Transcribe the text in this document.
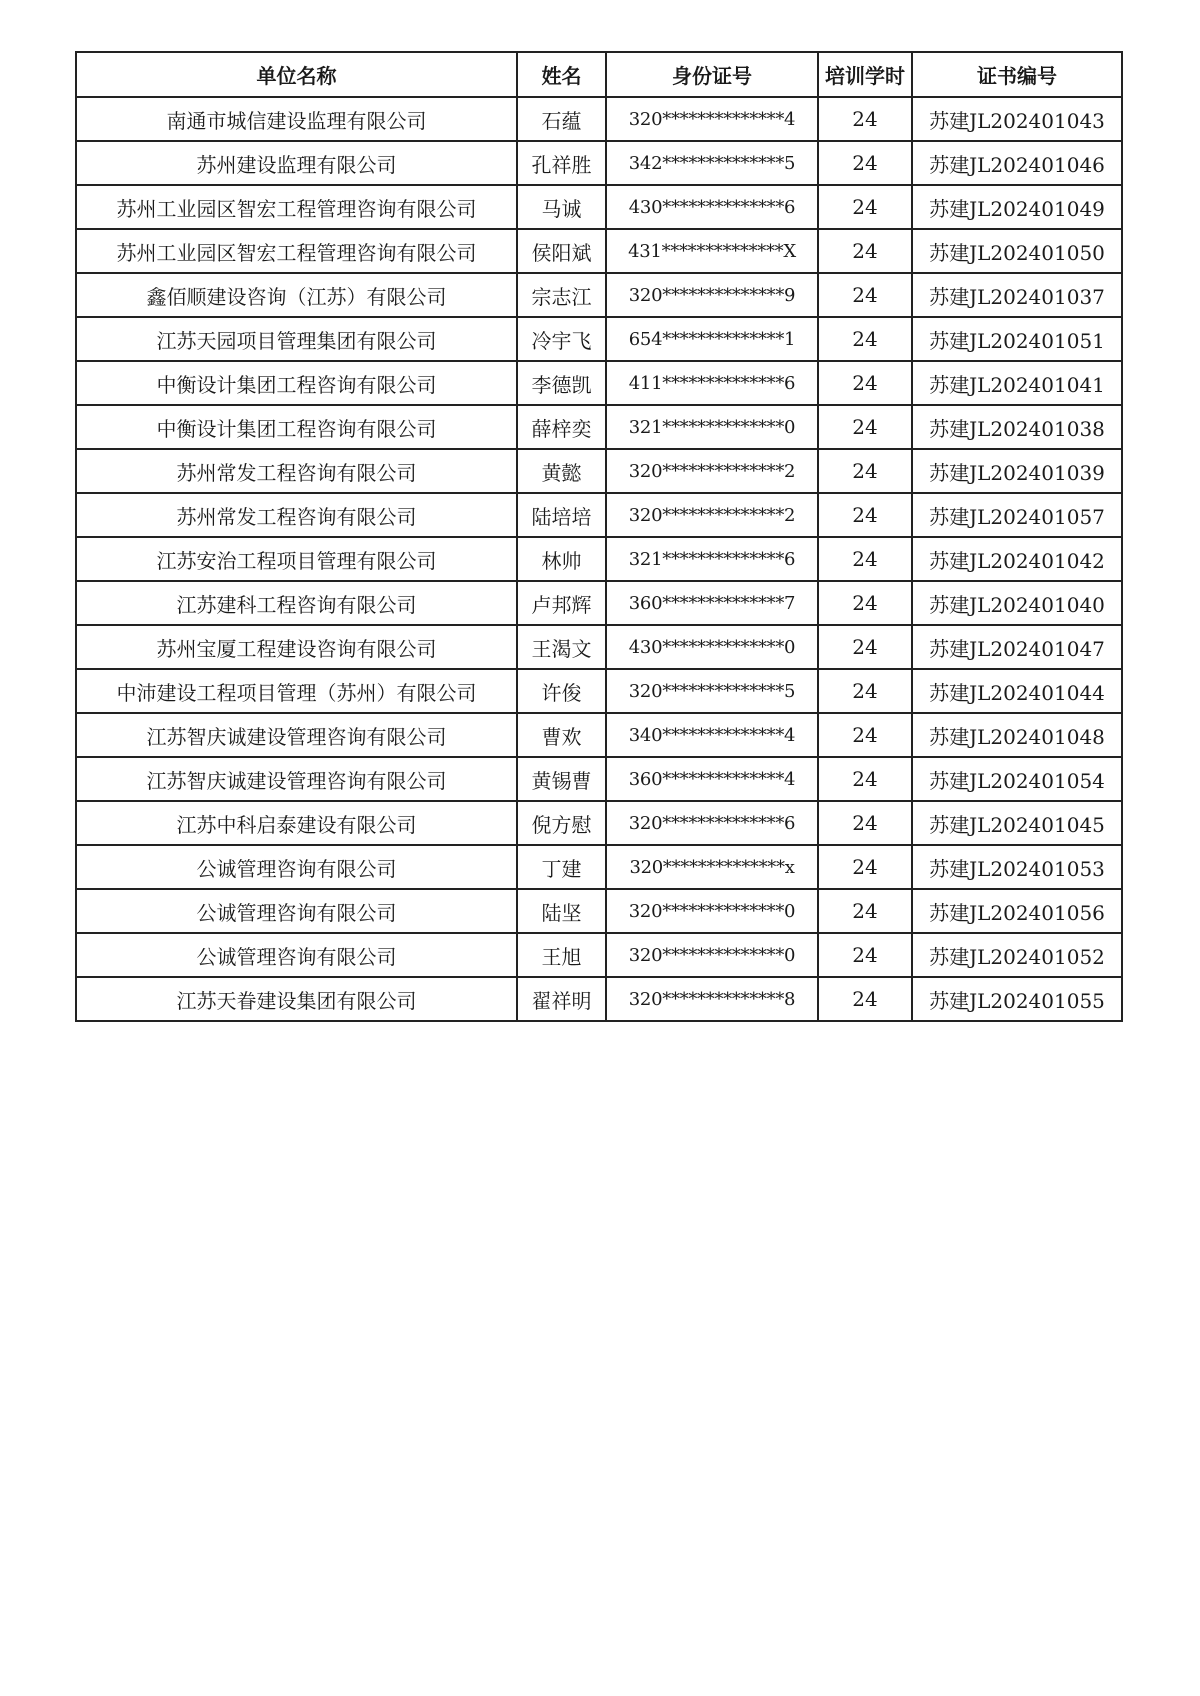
单位名称	姓名	身份证号	培训学时	证书编号
南通市城信建设监理有限公司	石蕴	320**************4	24	苏建JL202401043
苏州建设监理有限公司	孔祥胜	342**************5	24	苏建JL202401046
苏州工业园区智宏工程管理咨询有限公司	马诚	430**************6	24	苏建JL202401049
苏州工业园区智宏工程管理咨询有限公司	侯阳斌	431**************X	24	苏建JL202401050
鑫佰顺建设咨询（江苏）有限公司	宗志江	320**************9	24	苏建JL202401037
江苏天园项目管理集团有限公司	冷宇飞	654**************1	24	苏建JL202401051
中衡设计集团工程咨询有限公司	李德凯	411**************6	24	苏建JL202401041
中衡设计集团工程咨询有限公司	薛梓奕	321**************0	24	苏建JL202401038
苏州常发工程咨询有限公司	黄懿	320**************2	24	苏建JL202401039
苏州常发工程咨询有限公司	陆培培	320**************2	24	苏建JL202401057
江苏安治工程项目管理有限公司	林帅	321**************6	24	苏建JL202401042
江苏建科工程咨询有限公司	卢邦辉	360**************7	24	苏建JL202401040
苏州宝厦工程建设咨询有限公司	王渴文	430**************0	24	苏建JL202401047
中沛建设工程项目管理（苏州）有限公司	许俊	320**************5	24	苏建JL202401044
江苏智庆诚建设管理咨询有限公司	曹欢	340**************4	24	苏建JL202401048
江苏智庆诚建设管理咨询有限公司	黄锡曹	360**************4	24	苏建JL202401054
江苏中科启泰建设有限公司	倪方慰	320**************6	24	苏建JL202401045
公诚管理咨询有限公司	丁建	320**************x	24	苏建JL202401053
公诚管理咨询有限公司	陆坚	320**************0	24	苏建JL202401056
公诚管理咨询有限公司	王旭	320**************0	24	苏建JL202401052
江苏天眷建设集团有限公司	翟祥明	320**************8	24	苏建JL202401055
